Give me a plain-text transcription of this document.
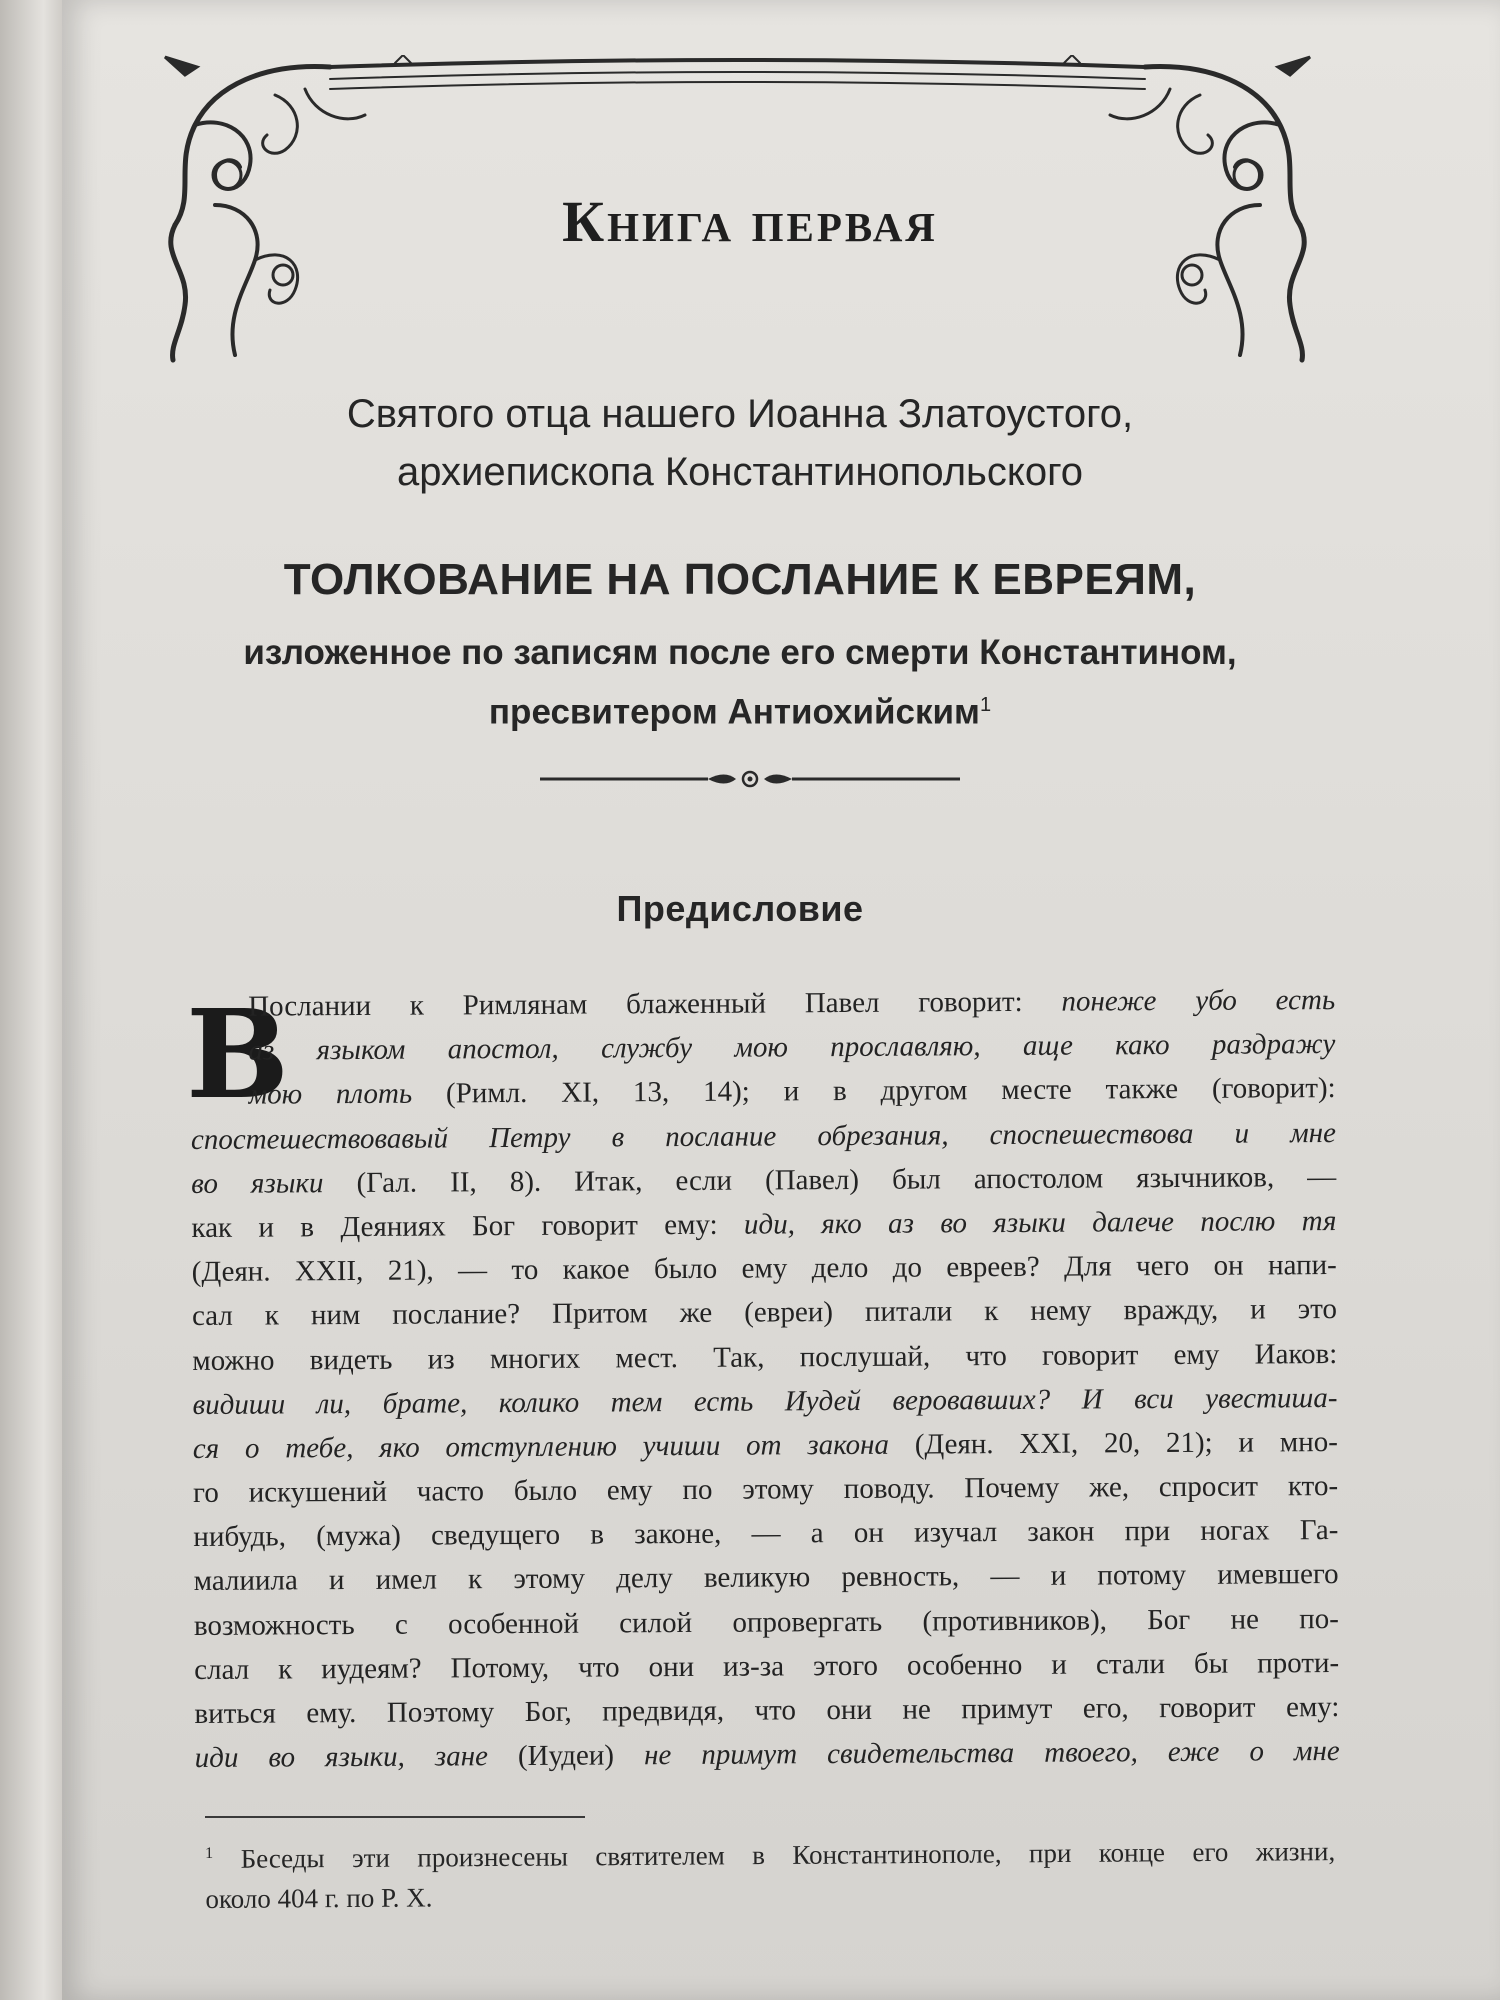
Книга первая
Святого отца нашего Иоанна Златоустого,
архиепископа Константинопольского
ТОЛКОВАНИЕ НА ПОСЛАНИЕ К ЕВРЕЯМ,
изложенное по записям после его смерти Константином,
пресвитером Антиохийским$^1$
Предисловие
В
Послании к Римлянам блаженный Павел говорит: понеже убо есть
аз языком апостол, службу мою прославляю, аще како раздражу
мою плоть (Римл. XI, 13, 14); и в другом месте также (говорит):
спостешествовавый Петру в послание обрезания, споспешествова и мне
во языки (Гал. II, 8). Итак, если (Павел) был апостолом язычников, —
как и в Деяниях Бог говорит ему: иди, яко аз во языки далече послю тя
(Деян. XXII, 21), — то какое было ему дело до евреев? Для чего он напи-
сал к ним послание? Притом же (евреи) питали к нему вражду, и это
можно видеть из многих мест. Так, послушай, что говорит ему Иаков:
видиши ли, брате, колико тем есть Иудей веровавших? И вси увестиша-
ся о тебе, яко отступлению учиши от закона (Деян. XXI, 20, 21); и мно-
го искушений часто было ему по этому поводу. Почему же, спросит кто-
нибудь, (мужа) сведущего в законе, — а он изучал закон при ногах Га-
малиила и имел к этому делу великую ревность, — и потому имевшего
возможность с особенной силой опровергать (противников), Бог не по-
слал к иудеям? Потому, что они из-за этого особенно и стали бы проти-
виться ему. Поэтому Бог, предвидя, что они не примут его, говорит ему:
иди во языки, зане (Иудеи) не примут свидетельства твоего, еже о мне
$^1$ Беседы эти произнесены святителем в Константинополе, при конце его жизни,
около 404 г. по Р. Х.
